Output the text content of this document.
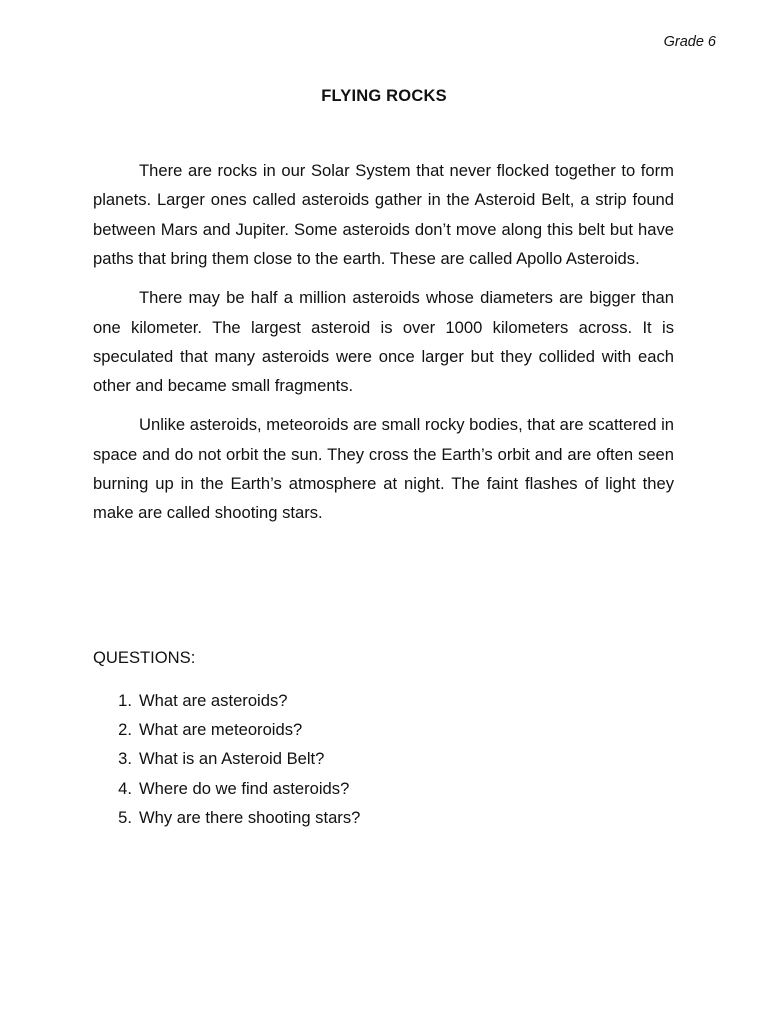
Grade 6
FLYING ROCKS

There are rocks in our Solar System that never flocked together to form planets. Larger ones called asteroids gather in the Asteroid Belt, a strip found between Mars and Jupiter. Some asteroids don’t move along this belt but have paths that bring them close to the earth. These are called Apollo Asteroids.

There may be half a million asteroids whose diameters are bigger than one kilometer. The largest asteroid is over 1000 kilometers across. It is speculated that many asteroids were once larger but they collided with each other and became small fragments.

Unlike asteroids, meteoroids are small rocky bodies, that are scattered in space and do not orbit the sun. They cross the Earth’s orbit and are often seen burning up in the Earth’s atmosphere at night. The faint flashes of light they make are called shooting stars.

QUESTIONS:
1. What are asteroids?
2. What are meteoroids?
3. What is an Asteroid Belt?
4. Where do we find asteroids?
5. Why are there shooting stars?
